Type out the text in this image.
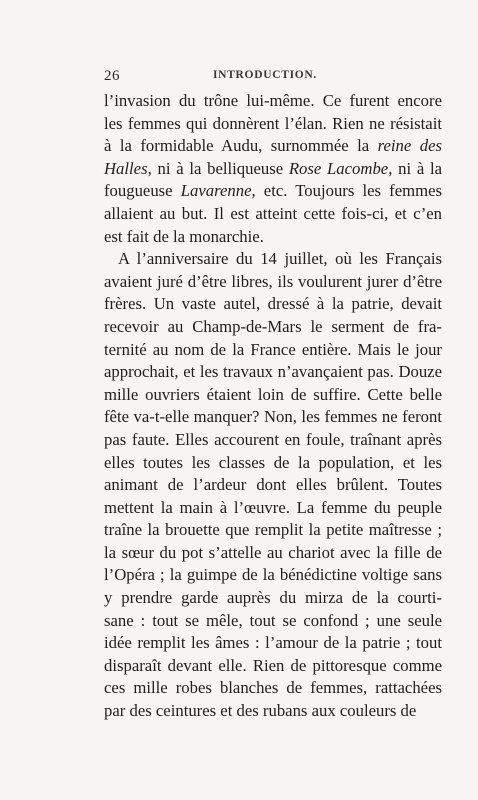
26	INTRODUCTION.
l’invasion du trône lui-même. Ce furent encore
les femmes qui donnèrent l’élan. Rien ne résistait
à la formidable Audu, surnommée la reine des
Halles, ni à la belliqueuse Rose Lacombe, ni à la
fougueuse Lavarenne, etc. Toujours les femmes
allaient au but. Il est atteint cette fois-ci, et c’en
est fait de la monarchie.
A l’anniversaire du 14 juillet, où les Français
avaient juré d’être libres, ils voulurent jurer d’être
frères. Un vaste autel, dressé à la patrie, devait
recevoir au Champ-de-Mars le serment de fra-
ternité au nom de la France entière. Mais le jour
approchait, et les travaux n’avançaient pas. Douze
mille ouvriers étaient loin de suffire. Cette belle
fête va-t-elle manquer? Non, les femmes ne feront
pas faute. Elles accourent en foule, traînant après
elles toutes les classes de la population, et les
animant de l’ardeur dont elles brûlent. Toutes
mettent la main à l’œuvre. La femme du peuple
traîne la brouette que remplit la petite maîtresse ;
la sœur du pot s’attelle au chariot avec la fille de
l’Opéra ; la guimpe de la bénédictine voltige sans
y prendre garde auprès du mirza de la courti-
sane : tout se mêle, tout se confond ; une seule
idée remplit les âmes : l’amour de la patrie ; tout
disparaît devant elle. Rien de pittoresque comme
ces mille robes blanches de femmes, rattachées
par des ceintures et des rubans aux couleurs de
